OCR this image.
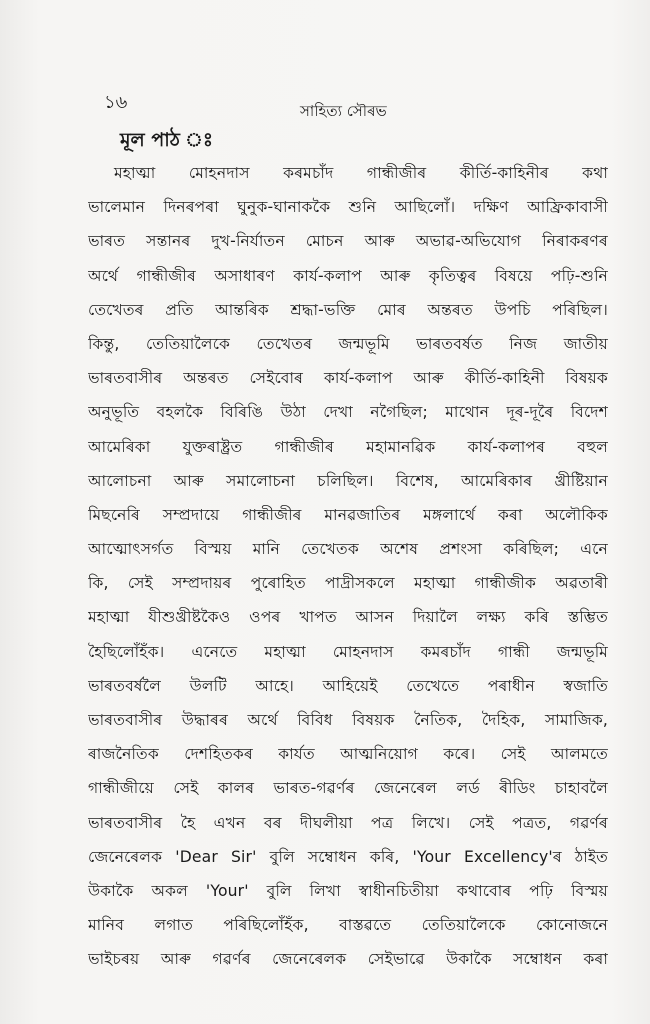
১৬	সাহিত্য সৌৰভ
মূল পাঠ ঃ
মহাত্মা মোহনদাস কৰমচাঁদ গান্ধীজীৰ কীৰ্তি-কাহিনীৰ কথা
ভালেমান দিনৰপৰা ঘুনুক-ঘানাককৈ শুনি আছিলোঁ। দক্ষিণ আফ্রিকাবাসী
ভাৰত সন্তানৰ দুখ-নিৰ্যাতন মোচন আৰু অভাৱ-অভিযোগ নিৰাকৰণৰ
অৰ্থে গান্ধীজীৰ অসাধাৰণ কাৰ্য-কলাপ আৰু কৃতিত্বৰ বিষয়ে পঢ়ি-শুনি
তেখেতৰ প্রতি আন্তৰিক শ্রদ্ধা-ভক্তি মোৰ অন্তৰত উপচি পৰিছিল।
কিন্তু, তেতিয়ালৈকে তেখেতৰ জন্মভূমি ভাৰতবৰ্ষত নিজ জাতীয়
ভাৰতবাসীৰ অন্তৰত সেইবোৰ কাৰ্য-কলাপ আৰু কীৰ্তি-কাহিনী বিষয়ক
অনুভূতি বহলকৈ বিৰিঙি উঠা দেখা নগৈছিল; মাথোন দূৰ-দূৰৈ বিদেশ
আমেৰিকা যুক্তৰাষ্ট্ৰত গান্ধীজীৰ মহামানৱিক কাৰ্য-কলাপৰ বহুল
আলোচনা আৰু সমালোচনা চলিছিল। বিশেষ, আমেৰিকাৰ খ্ৰীষ্টিয়ান
মিছনেৰি সম্প্রদায়ে গান্ধীজীৰ মানৱজাতিৰ মঙ্গলাৰ্থে কৰা অলৌকিক
আত্মোৎসৰ্গত বিস্ময় মানি তেখেতক অশেষ প্রশংসা কৰিছিল; এনে
কি, সেই সম্প্রদায়ৰ পুৰোহিত পাদ্ৰীসকলে মহাত্মা গান্ধীজীক অৱতাৰী
মহাত্মা যীশুখ্ৰীষ্টকৈও ওপৰ খাপত আসন দিয়ালৈ লক্ষ্য কৰি স্তম্ভিত
হৈছিলোঁহঁক। এনেতে মহাত্মা মোহনদাস কমৰচাঁদ গান্ধী জন্মভূমি
ভাৰতবৰ্ষলৈ উলটি আহে। আহিয়েই তেখেতে পৰাধীন স্বজাতি
ভাৰতবাসীৰ উদ্ধাৰৰ অৰ্থে বিবিধ বিষয়ক নৈতিক, দৈহিক, সামাজিক,
ৰাজনৈতিক দেশহিতকৰ কাৰ্যত আত্মনিয়োগ কৰে। সেই আলমতে
গান্ধীজীয়ে সেই কালৰ ভাৰত-গৱৰ্ণৰ জেনেৰেল লৰ্ড ৰীডিং চাহাবলৈ
ভাৰতবাসীৰ হৈ এখন বৰ দীঘলীয়া পত্ৰ লিখে। সেই পত্ৰত, গৱৰ্ণৰ
জেনেৰেলক 'Dear Sir' বুলি সম্বোধন কৰি, 'Your Excellency'ৰ ঠাইত
উকাকৈ অকল 'Your' বুলি লিখা স্বাধীনচিতীয়া কথাবোৰ পঢ়ি বিস্ময়
মানিব লগাত পৰিছিলোঁহঁক, বাস্তৱতে তেতিয়ালৈকে কোনোজনে
ভাইচৰয় আৰু গৱৰ্ণৰ জেনেৰেলক সেইভাৱে উকাকৈ সম্বোধন কৰা
